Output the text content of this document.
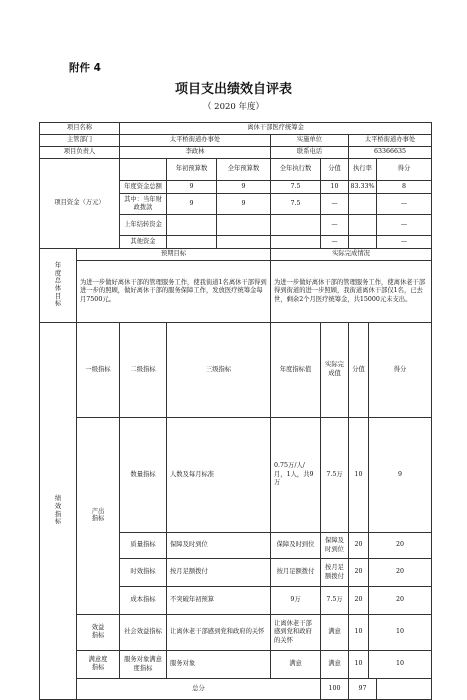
附件 4
项目支出绩效自评表
（ 2020 年度）
项目名称		离休干部医疗统筹金								
主管部门		太平桥街道办事处			实施单位		太平桥街道办事处			
项目负责人		李政林			联系电话		63366635			
项目资金（万元）			年初预算数	全年预算数	全年执行数	分值	执行率		得分	
		年度资金总额	9	9	7.5	10	83.33%		8	
		其中：当年财政拨款	9	9	7.5	—			—	
		上年结转资金				—			—	
		其他资金				—			—	
年度总体目标	预期目标				实际完成情况					
	为进一步做好离休干部的管理服务工作，使我街道1名离休干部得到进一步的照顾，做好离休干部的服务保障工作，发放医疗统筹金每月7500元。				为进一步做好离休干部的管理服务工作，使离休老干部得到街道的进一步照顾，我街道离休干部仅1名，已去世，剩余2个月医疗统筹金，共15000元未支出。					
绩效指标	一级指标	二级指标	三级指标		年度指标值	实际完成值	分值	得分	
	产出指标	数量指标	人数及每月标准		0.75万/人/月，1人，共9万	7.5万	10	9	
		质量指标	保障及时到位		保障及时到位	保障及时到位	20	20		
		时效指标	按月足额拨付		按月足额拨付	按月足额拨付	20	20		
		成本指标	不突破年初预算		9万	7.5万	20	20		
	效益指标	社会效益指标	让离休老干部感到党和政府的关怀		让离休老干部感到党和政府的关怀	满意	10	10		
	满意度指标	服务对象满意度指标	服务对象		满意	满意	10	10		
	总分					100	97			
